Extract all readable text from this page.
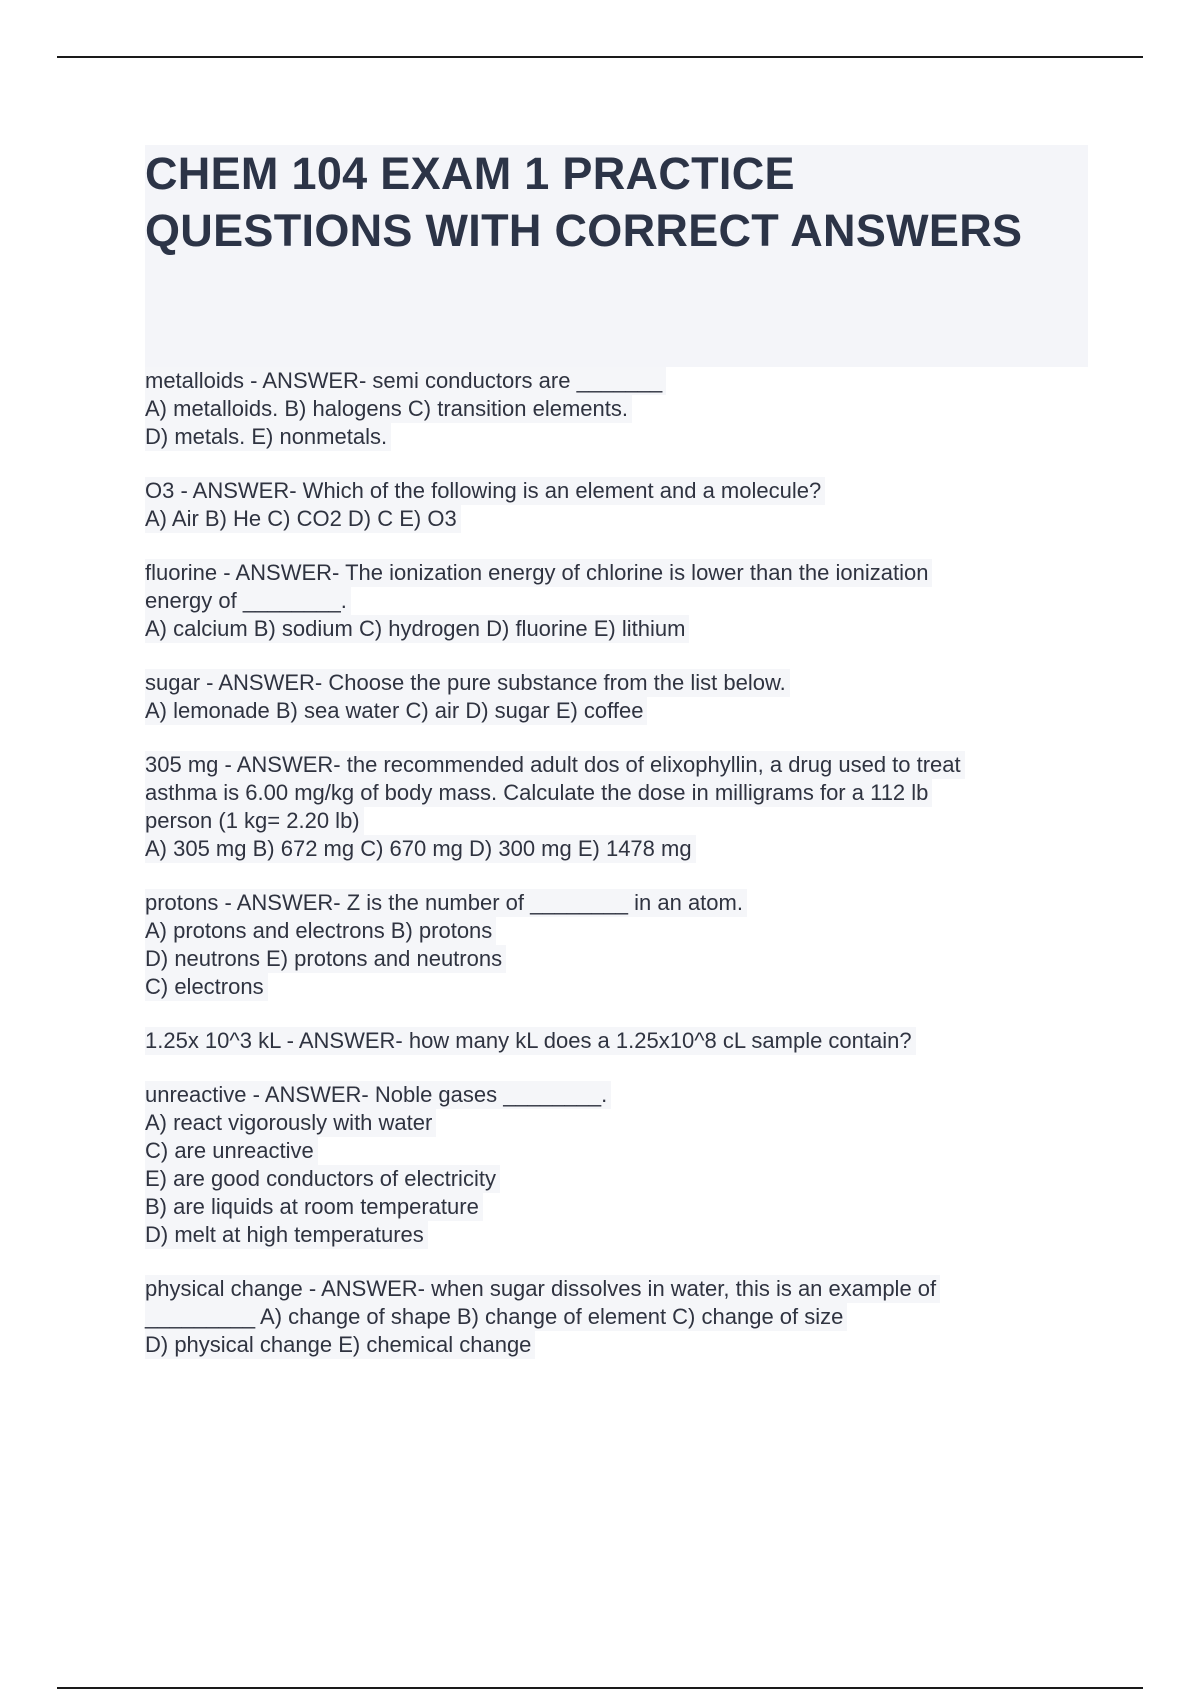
CHEM 104 EXAM 1 PRACTICE
QUESTIONS WITH CORRECT ANSWERS
metalloids - ANSWER- semi conductors are _______
A) metalloids. B) halogens C) transition elements.
D) metals. E) nonmetals.
O3 - ANSWER- Which of the following is an element and a molecule?
A) Air B) He C) CO2 D) C E) O3
fluorine - ANSWER- The ionization energy of chlorine is lower than the ionization
energy of ________.
A) calcium B) sodium C) hydrogen D) fluorine E) lithium
sugar - ANSWER- Choose the pure substance from the list below.
A) lemonade B) sea water C) air D) sugar E) coffee
305 mg - ANSWER- the recommended adult dos of elixophyllin, a drug used to treat
asthma is 6.00 mg/kg of body mass. Calculate the dose in milligrams for a 112 lb
person (1 kg= 2.20 lb)
A) 305 mg B) 672 mg C) 670 mg D) 300 mg E) 1478 mg
protons - ANSWER- Z is the number of ________ in an atom.
A) protons and electrons B) protons
D) neutrons E) protons and neutrons
C) electrons
1.25x 10^3 kL - ANSWER- how many kL does a 1.25x10^8 cL sample contain?
unreactive - ANSWER- Noble gases ________.
A) react vigorously with water
C) are unreactive
E) are good conductors of electricity
B) are liquids at room temperature
D) melt at high temperatures
physical change - ANSWER- when sugar dissolves in water, this is an example of
_________ A) change of shape B) change of element C) change of size
D) physical change E) chemical change
